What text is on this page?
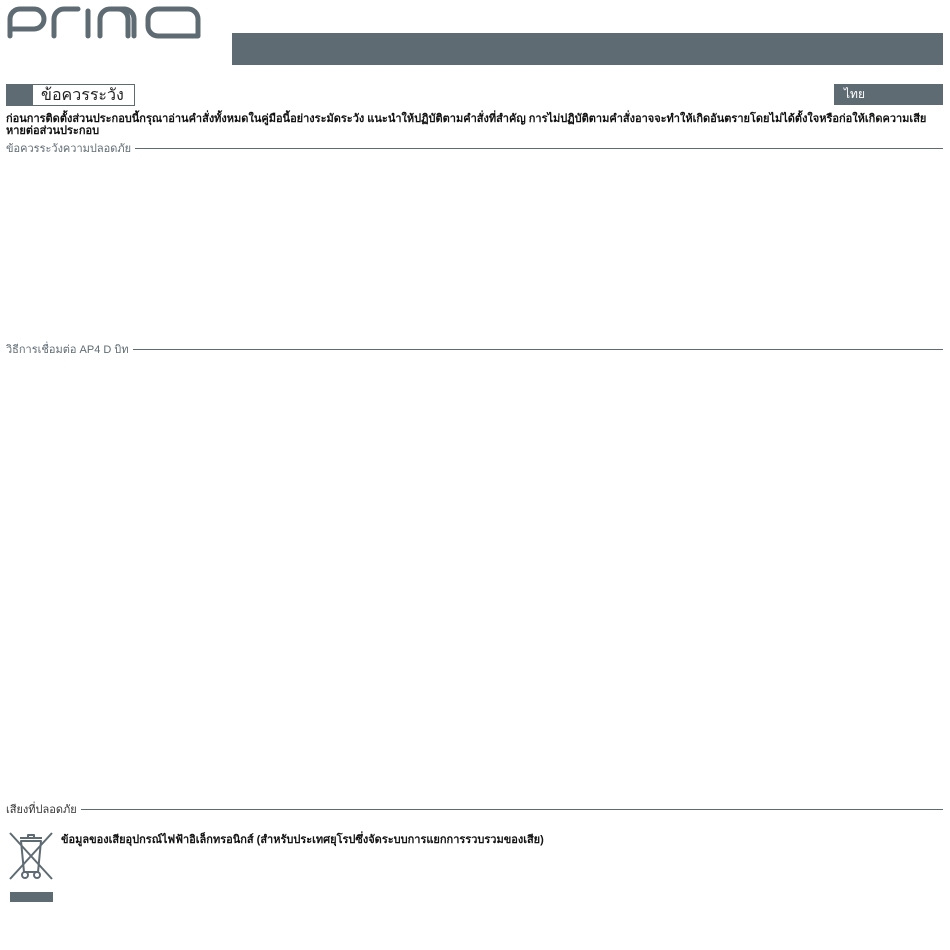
ข้อควรระวัง	ไทย
ก่อนการติดตั้งส่วนประกอบนี้กรุณาอ่านคำสั่งทั้งหมดในคู่มือนี้อย่างระมัดระวัง แนะนำให้ปฏิบัติตามคำสั่งที่สำคัญ การไม่ปฏิบัติตามคำสั่งอาจจะทำให้เกิดอันตรายโดยไม่ได้ตั้งใจหรือก่อให้เกิดความเสียหายต่อส่วนประกอบ
ข้อควรระวังความปลอดภัย
วิธีการเชื่อมต่อ AP4 D บิท
เสียงที่ปลอดภัย
ข้อมูลของเสียอุปกรณ์ไฟฟ้าอิเล็กทรอนิกส์ (สำหรับประเทศยุโรปซึ่งจัดระบบการแยกการรวบรวมของเสีย)
